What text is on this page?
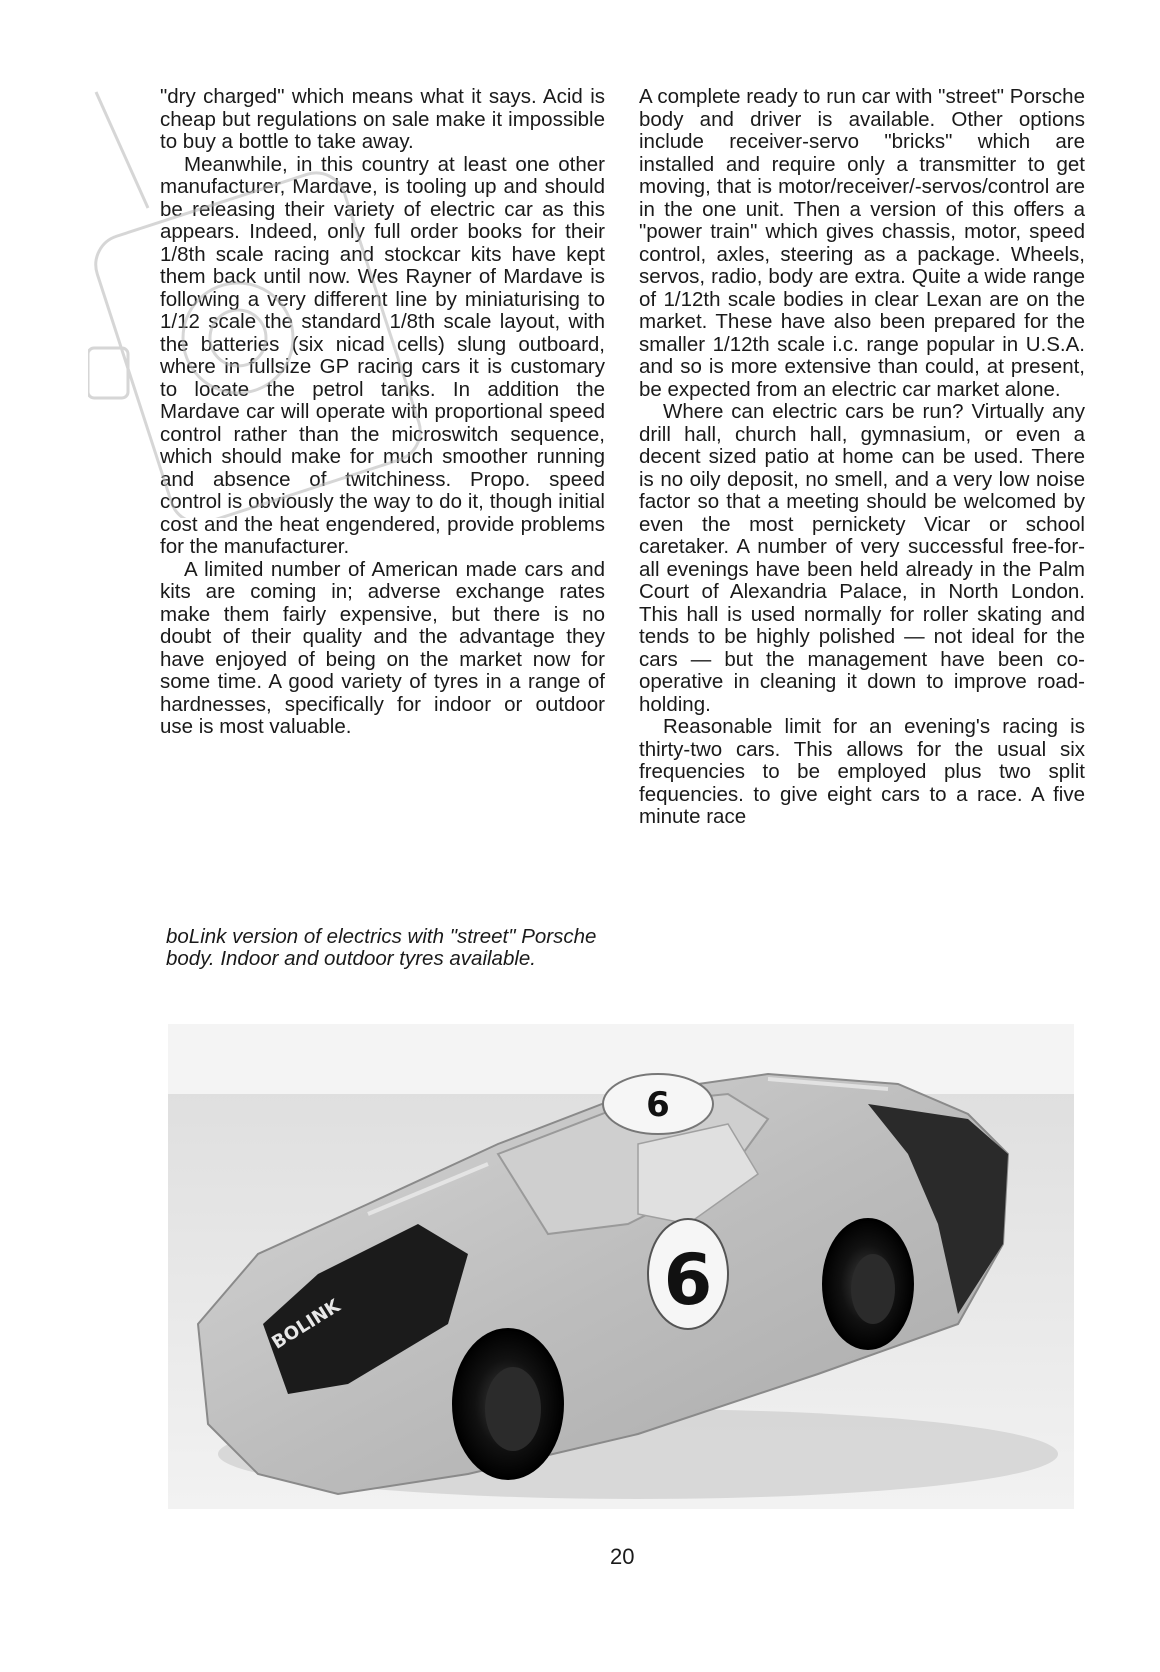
"dry charged" which means what it says. Acid is cheap but regulations on sale make it impossible to buy a bottle to take away.

Meanwhile, in this country at least one other manufacturer, Mardave, is tooling up and should be releasing their variety of electric car as this appears. Indeed, only full order books for their 1/8th scale racing and stockcar kits have kept them back until now. Wes Rayner of Mardave is following a very different line by miniaturising to 1/12 scale the standard 1/8th scale layout, with the batteries (six nicad cells) slung outboard, where in fullsize GP racing cars it is customary to locate the petrol tanks. In addition the Mardave car will operate with proportional speed control rather than the microswitch sequence, which should make for much smoother running and absence of twitchiness. Propo. speed control is obviously the way to do it, though initial cost and the heat engendered, provide problems for the manufacturer.

A limited number of American made cars and kits are coming in; adverse exchange rates make them fairly expensive, but there is no doubt of their quality and the advantage they have enjoyed of being on the market now for some time. A good variety of tyres in a range of hardnesses, specifically for indoor or outdoor use is most valuable.

A complete ready to run car with "street" Porsche body and driver is available. Other options include receiver-servo "bricks" which are installed and require only a transmitter to get moving, that is motor/receiver/-servos/control are in the one unit. Then a version of this offers a "power train" which gives chassis, motor, speed control, axles, steering as a package. Wheels, servos, radio, body are extra. Quite a wide range of 1/12th scale bodies in clear Lexan are on the market. These have also been prepared for the smaller 1/12th scale i.c. range popular in U.S.A. and so is more extensive than could, at present, be expected from an electric car market alone.

Where can electric cars be run? Virtually any drill hall, church hall, gymnasium, or even a decent sized patio at home can be used. There is no oily deposit, no smell, and a very low noise factor so that a meeting should be welcomed by even the most pernickety Vicar or school caretaker. A number of very successful free-for-all evenings have been held already in the Palm Court of Alexandria Palace, in North London. This hall is used normally for roller skating and tends to be highly polished — not ideal for the cars — but the management have been co-operative in cleaning it down to improve road-holding.

Reasonable limit for an evening's racing is thirty-two cars. This allows for the usual six frequencies to be employed plus two split fequencies. to give eight cars to a race. A five minute race

boLink version of electrics with "street" Porsche body. Indoor and outdoor tyres available.

6
6
BOLINK
20
